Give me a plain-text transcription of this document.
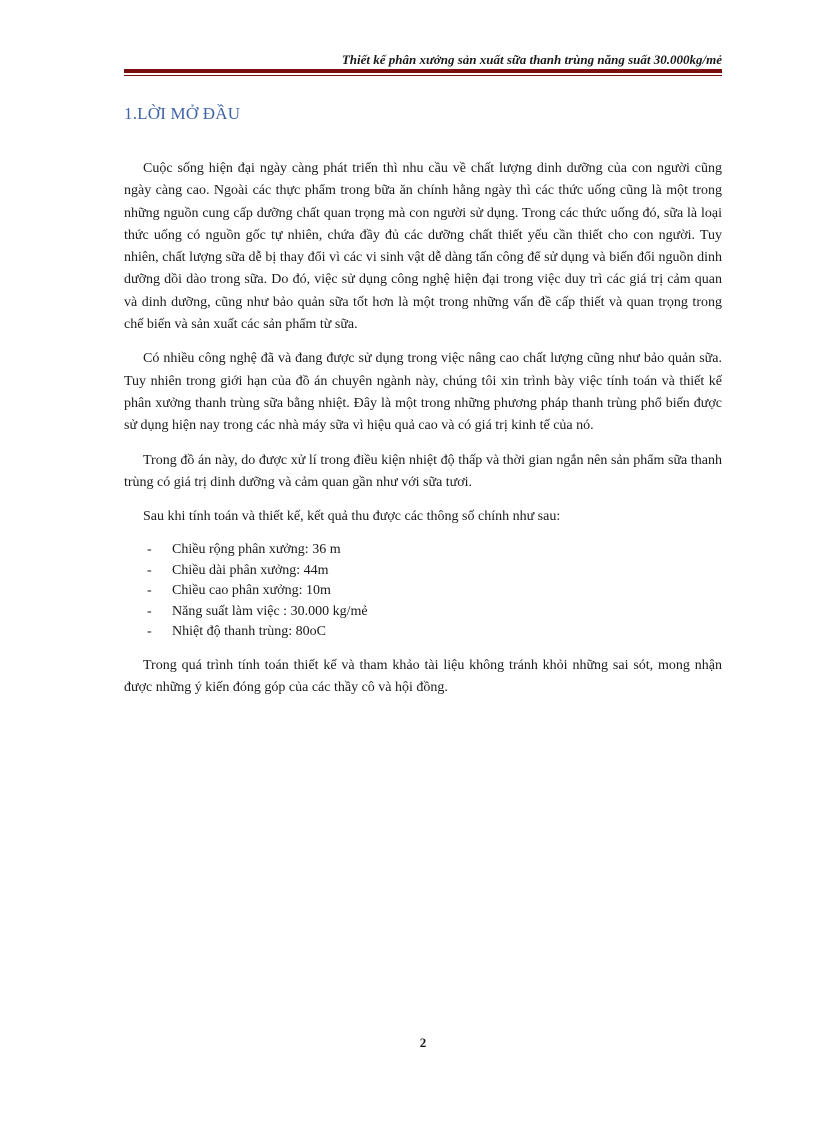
Thiết kế phân xưởng sản xuất sữa thanh trùng năng suất 30.000kg/mẻ
1.LỜI MỞ ĐẦU

Cuộc sống hiện đại ngày càng phát triển thì nhu cầu về chất lượng dinh dưỡng của con người cũng ngày càng cao. Ngoài các thực phẩm trong bữa ăn chính hằng ngày thì các thức uống cũng là một trong những nguồn cung cấp dưỡng chất quan trọng mà con người sử dụng. Trong các thức uống đó, sữa là loại thức uống có nguồn gốc tự nhiên, chứa đầy đủ các dưỡng chất thiết yếu cần thiết cho con người. Tuy nhiên, chất lượng sữa dễ bị thay đổi vì các vi sinh vật dễ dàng tấn công để sử dụng và biến đổi nguồn dinh dưỡng dồi dào trong sữa. Do đó, việc sử dụng công nghệ hiện đại trong việc duy trì các giá trị cảm quan và dinh dưỡng, cũng như bảo quản sữa tốt hơn là một trong những vấn đề cấp thiết và quan trọng trong chế biến và sản xuất các sản phẩm từ sữa.

Có nhiều công nghệ đã và đang được sử dụng trong việc nâng cao chất lượng cũng như bảo quản sữa. Tuy nhiên trong giới hạn của đồ án chuyên ngành này, chúng tôi xin trình bày việc tính toán và thiết kế phân xưởng thanh trùng sữa bằng nhiệt. Đây là một trong những phương pháp thanh trùng phổ biến được sử dụng hiện nay trong các nhà máy sữa vì hiệu quả cao và có giá trị kinh tế của nó.

Trong đồ án này, do được xử lí trong điều kiện nhiệt độ thấp và thời gian ngắn nên sản phẩm sữa thanh trùng có giá trị dinh dưỡng và cảm quan gần như với sữa tươi.

Sau khi tính toán và thiết kế, kết quả thu được các thông số chính như sau:

- Chiều rộng phân xưởng: 36 m
- Chiều dài phân xưởng: 44m
- Chiều cao phân xưởng: 10m
- Năng suất làm việc : 30.000 kg/mẻ
- Nhiệt độ thanh trùng: 80oC

Trong quá trình tính toán thiết kế và tham khảo tài liệu không tránh khỏi những sai sót, mong nhận được những ý kiến đóng góp của các thầy cô và hội đồng.

2
